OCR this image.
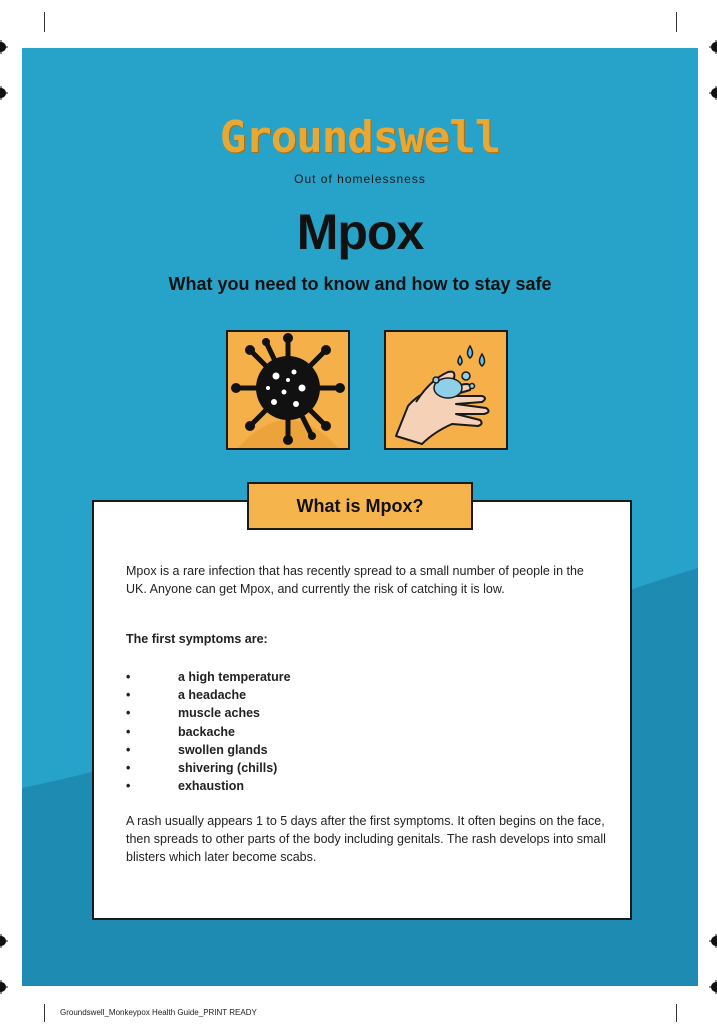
Groundswell
Out of homelessness
Mpox
What you need to know and how to stay safe
Mpox is a rare infection that has recently spread to a small number of people in the UK. Anyone can get Mpox, and currently the risk of catching it is low.
The first symptoms are:
•	a high temperature
•	a headache
•	muscle aches
•	backache
•	swollen glands
•	shivering (chills)
•	exhaustion
A rash usually appears 1 to 5 days after the first symptoms. It often begins on the face, then spreads to other parts of the body including genitals. The rash develops into small blisters which later become scabs.
What is Mpox?
Groundswell_Monkeypox Health Guide_PRINT READY
